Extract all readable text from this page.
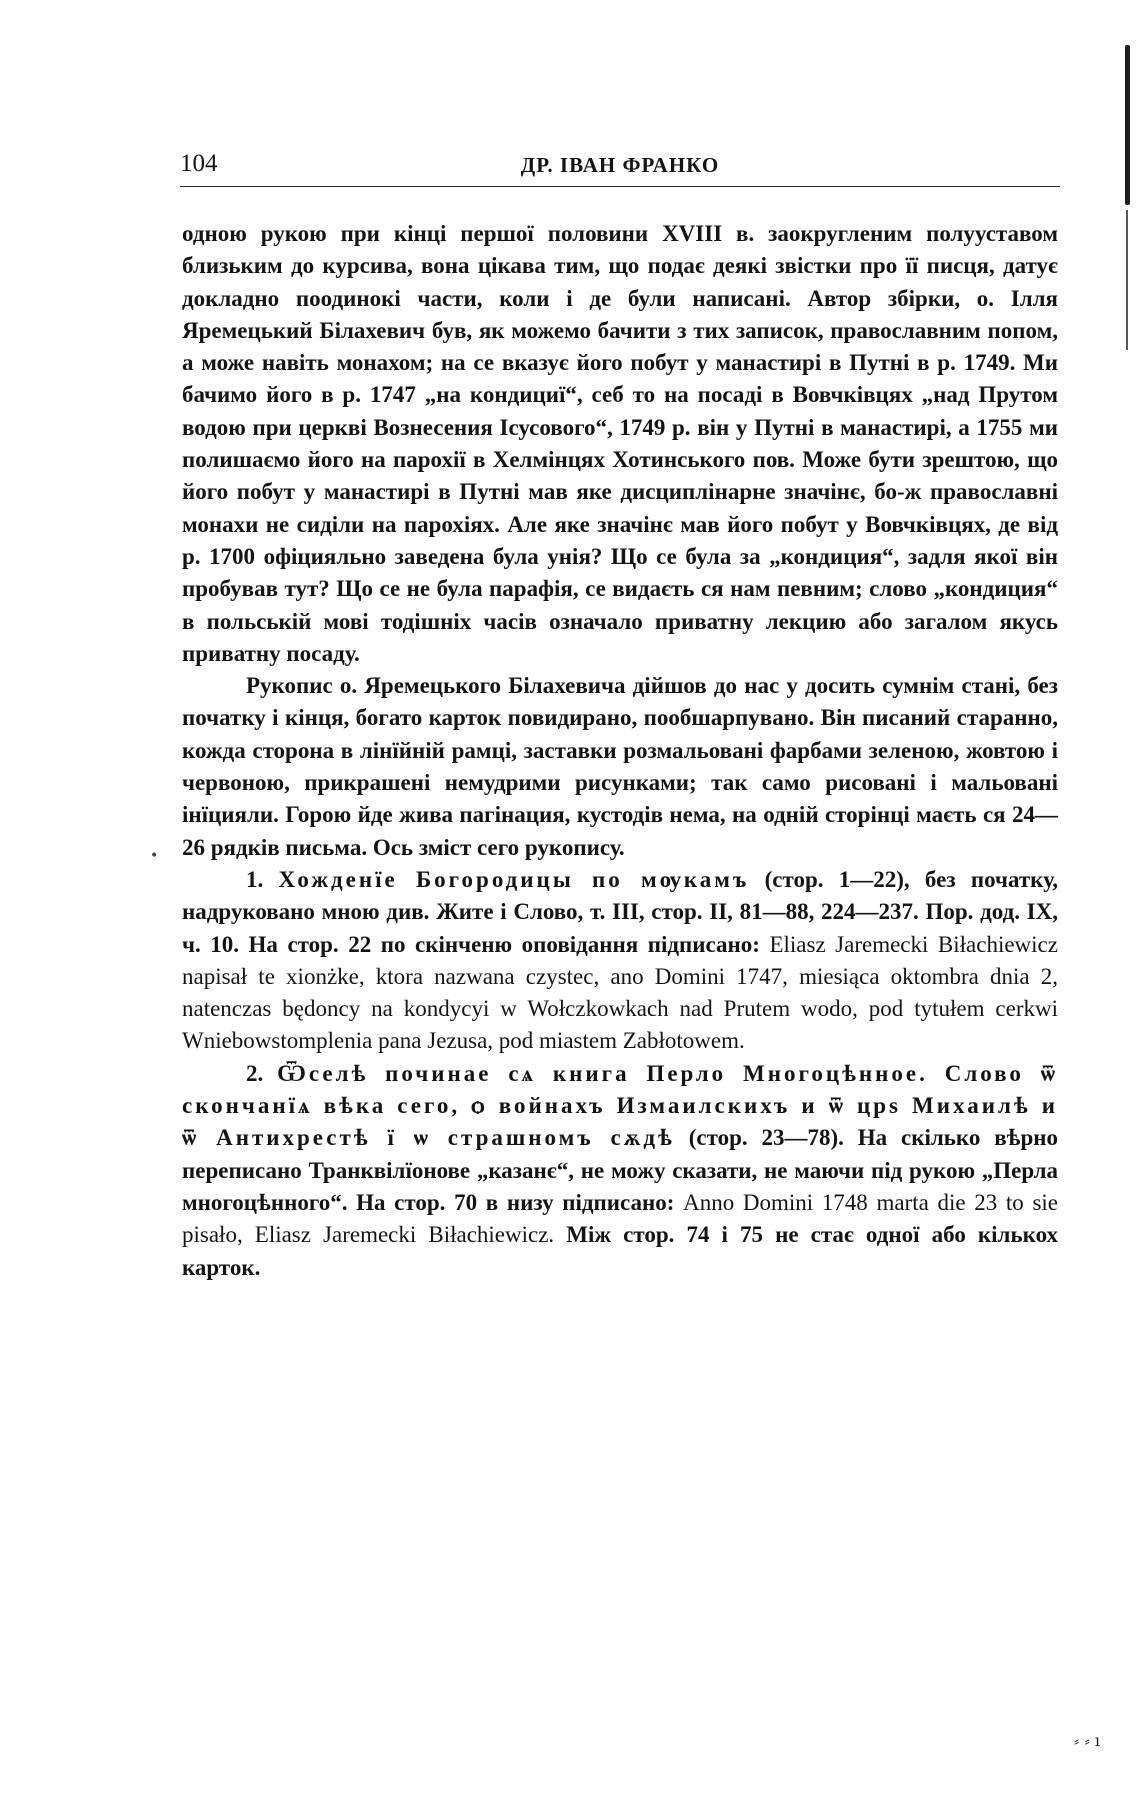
104	ДР. ІВАН ФРАНКО

одною рукою при кінці першої половини XVIII в. заокругленим полууставом близьким до курсива, вона цікава тим, що подає деякі звістки про її писця, датує докладно поодинокі части, коли і де були написані. Автор збірки, о. Ілля Яремецький Білахевич був, як можемо бачити з тих записок, православним попом, а може навіть монахом; на се вказує його побут у манастирі в Путні в р. 1749. Ми бачимо його в р. 1747 „на кондициї“, себ то на посаді в Вовчківцях „над Прутом водою при церкві Вознесения Ісусового“, 1749 р. він у Путні в манастирі, а 1755 ми полишаємо його на парохії в Хелмінцях Хотинського пов. Може бути зрештою, що його побут у манастирі в Путні мав яке дисциплінарне значінє, бо-ж православні монахи не сиділи на парохіях. Але яке значінє мав його побут у Вовчківцях, де від р. 1700 офіцияльно заведена була унія? Що се була за „кондиция“, задля якої він пробував тут? Що се не була парафія, се видаєть ся нам певним; слово „кондиция“ в польській мові тодішніх часів означало приватну лекцию або загалом якусь приватну посаду.

Рукопис о. Яремецького Білахевича дійшов до нас у досить сумнім стані, без початку і кінця, богато карток повидирано, пообшарпувано. Він писаний старанно, кожда сторона в лінїйній рамці, заставки розмальовані фарбами зеленою, жовтою і червоною, прикрашені немудрими рисунками; так само рисовані і мальовані інїцияли. Горою йде жива пагінация, кустодів нема, на одній сторінці маєть ся 24—26 рядків письма. Ось зміст сего рукопису.

1. Хожденїе Богородицы по мѹкамъ (стор. 1—22), без початку, надруковано мною див. Жите і Слово, т. III, стор. II, 81—88, 224—237. Пор. дод. IX, ч. 10. На стор. 22 по скінченю оповідання підписано: Eliasz Jaremecki Biłachiewicz napisał te xionżke, ktora nazwana czystec, ano Domini 1747, miesiąca oktombra dnia 2, natenczas będoncy na kondycyi w Wołczkowkach nad Prutem wodo, pod tytułem cerkwi Wniebowstomplenia pana Jezusa, pod miastem Zabłotowem.

2. Ѿселѣ починае сѧ книга Перло Многоцѣнное. Слово ѿ скончанїѧ вѣка сего, ѻ войнахъ Измаилскихъ и ѿ црѕ Михаилѣ и ѿ Антихрестѣ ї ѡ страшномъ сѫдѣ (стор. 23—78). На скілько вѣрно переписано Транквілїонове „казанє“, не можу сказати, не маючи під рукою „Перла многоцѣнного“. На стор. 70 в низу підписано: Anno Domini 1748 marta die 23 to sie pisało, Eliasz Jaremecki Biłachiewicz. Між стор. 74 і 75 не стає одної або кількох карток.

•
⸗ ⸗ ı
